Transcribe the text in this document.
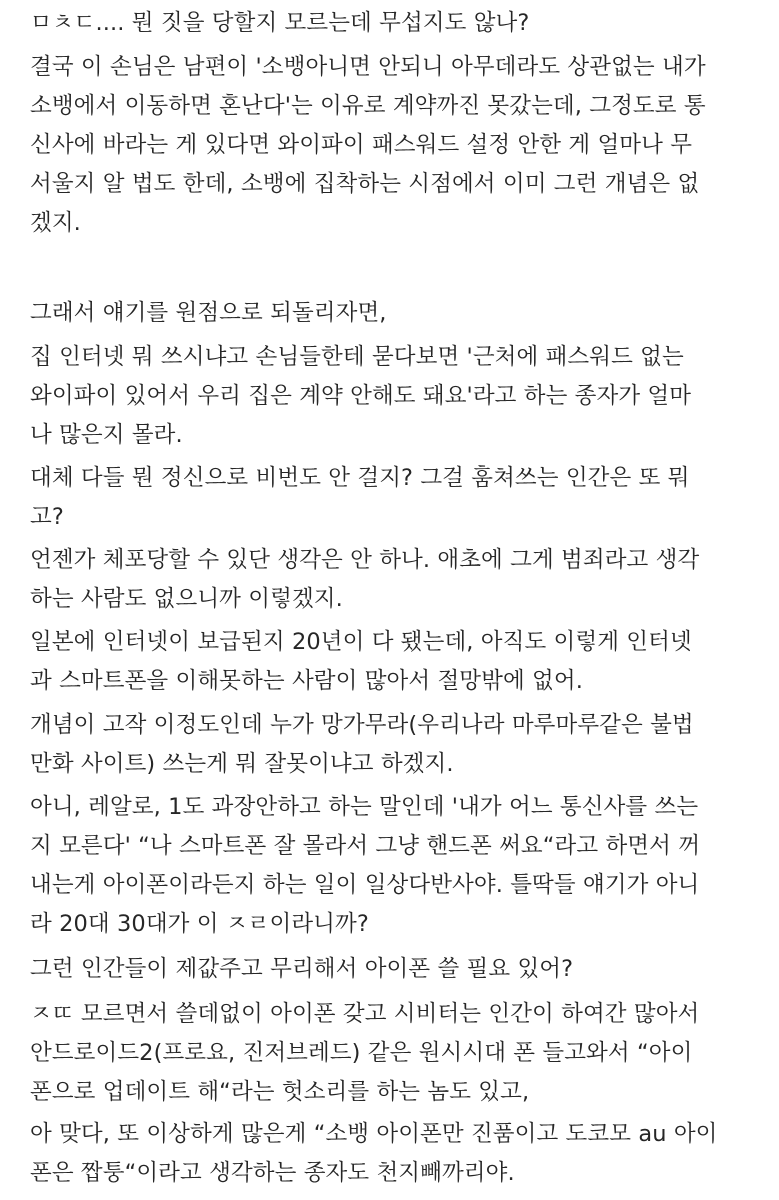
ㅁㅊㄷ.... 뭔 짓을 당할지 모르는데 무섭지도 않나?

결국 이 손님은 남편이 '소뱅아니면 안되니 아무데라도 상관없는 내가
소뱅에서 이동하면 혼난다'는 이유로 계약까진 못갔는데, 그정도로 통
신사에 바라는 게 있다면 와이파이 패스워드 설정 안한 게 얼마나 무
서울지 알 법도 한데, 소뱅에 집착하는 시점에서 이미 그런 개념은 없
겠지.

그래서 얘기를 원점으로 되돌리자면,

집 인터넷 뭐 쓰시냐고 손님들한테 묻다보면 '근처에 패스워드 없는
와이파이 있어서 우리 집은 계약 안해도 돼요'라고 하는 종자가 얼마
나 많은지 몰라.

대체 다들 뭔 정신으로 비번도 안 걸지? 그걸 훔쳐쓰는 인간은 또 뭐
고?

언젠가 체포당할 수 있단 생각은 안 하나. 애초에 그게 범죄라고 생각
하는 사람도 없으니까 이렇겠지.

일본에 인터넷이 보급된지 20년이 다 됐는데, 아직도 이렇게 인터넷
과 스마트폰을 이해못하는 사람이 많아서 절망밖에 없어.

개념이 고작 이정도인데 누가 망가무라(우리나라 마루마루같은 불법
만화 사이트) 쓰는게 뭐 잘못이냐고 하겠지.

아니, 레알로, 1도 과장안하고 하는 말인데 '내가 어느 통신사를 쓰는
지 모른다' “나 스마트폰 잘 몰라서 그냥 핸드폰 써요“라고 하면서 꺼
내는게 아이폰이라든지 하는 일이 일상다반사야. 틀딱들 얘기가 아니
라 20대 30대가 이 ㅈㄹ이라니까?

그런 인간들이 제값주고 무리해서 아이폰 쓸 필요 있어?

ㅈㄸ 모르면서 쓸데없이 아이폰 갖고 시비터는 인간이 하여간 많아서
안드로이드2(프로요, 진저브레드) 같은 원시시대 폰 들고와서 “아이
폰으로 업데이트 해“라는 헛소리를 하는 놈도 있고,

아 맞다, 또 이상하게 많은게 “소뱅 아이폰만 진품이고 도코모 au 아이
폰은 짭퉁“이라고 생각하는 종자도 천지빼까리야.
